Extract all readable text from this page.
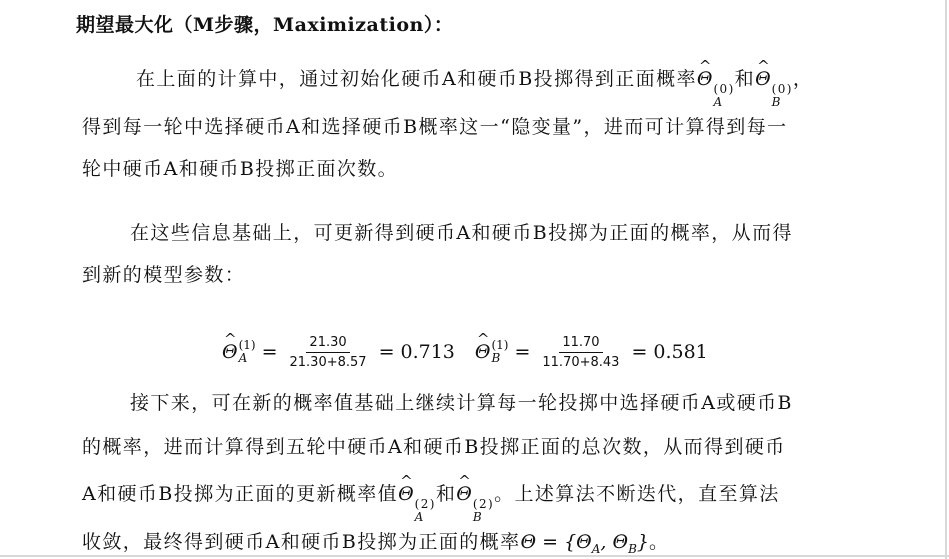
期望最大化（M步骤，Maximization）：
在上面的计算中，通过初始化硬币A和硬币B投掷得到正面概率^ Θ (0)
A
和^ Θ (0)
B
，
得到每一轮中选择硬币A和选择硬币B概率这一“隐变量”，进而可计算得到每一
轮中硬币A和硬币B投掷正面次数。
在这些信息基础上，可更新得到硬币A和硬币B投掷为正面的概率，从而得
到新的模型参数：
^ Θ (1)
$A = \frac{21.30}{21.30+8.57} = 0.713$
^ Θ (1)
$B = \frac{11.70}{11.70+8.43} = 0.581$
接下来，可在新的概率值基础上继续计算每一轮投掷中选择硬币A或硬币B
的概率，进而计算得到五轮中硬币A和硬币B投掷正面的总次数，从而得到硬币
A和硬币B投掷为正面的更新概率值^ Θ (2)
A
和^ Θ (2)
B
。上述算法不断迭代，直至算法
收敛，最终得到硬币A和硬币B投掷为正面的概率$\Theta = \{\Theta_A$, $\Theta_B$}。
